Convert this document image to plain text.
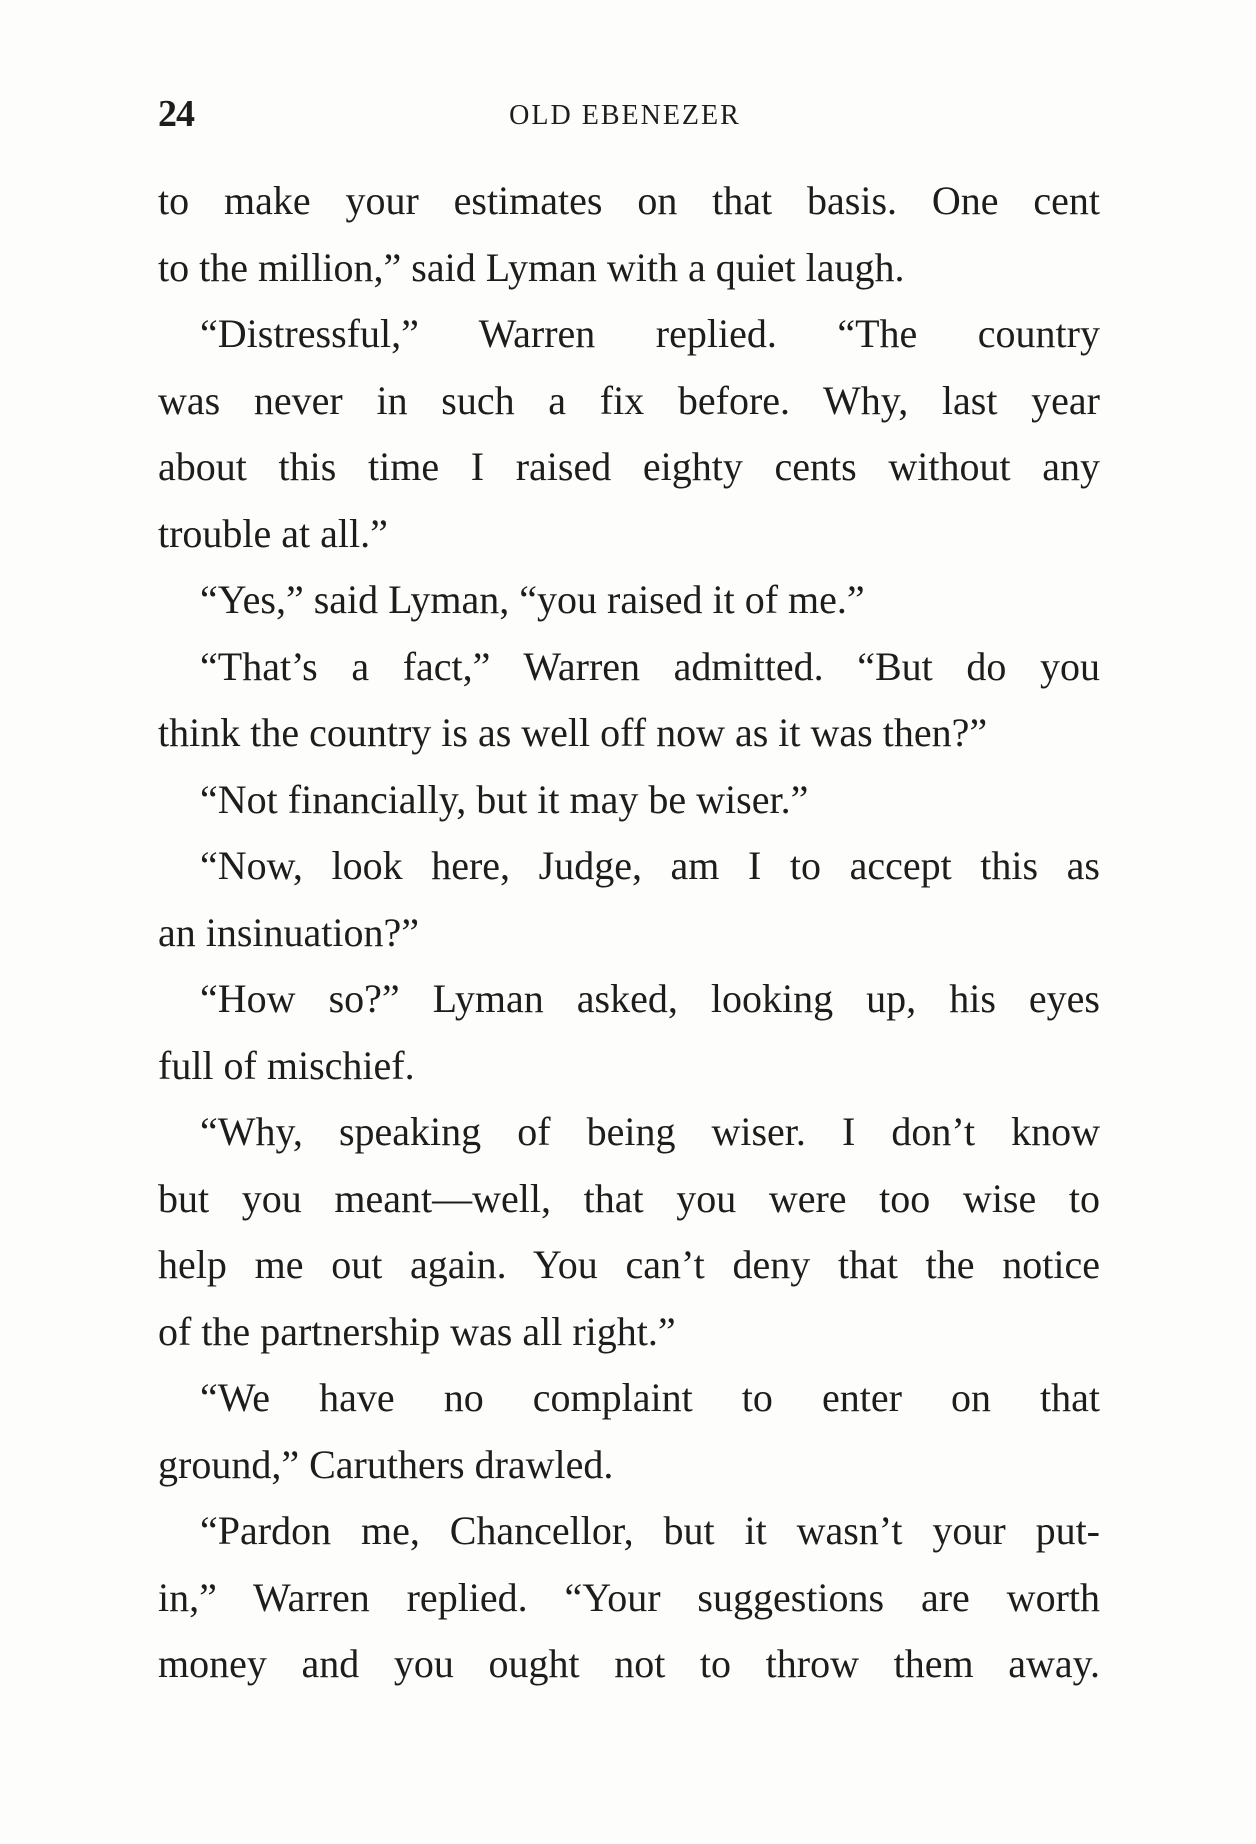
24	OLD EBENEZER
to make your estimates on that basis. One cent
to the million,” said Lyman with a quiet laugh.
“Distressful,” Warren replied. “The country
was never in such a fix before. Why, last year
about this time I raised eighty cents without any
trouble at all.”
“Yes,” said Lyman, “you raised it of me.”
“That’s a fact,” Warren admitted. “But do you
think the country is as well off now as it was then?”
“Not financially, but it may be wiser.”
“Now, look here, Judge, am I to accept this as
an insinuation?”
“How so?” Lyman asked, looking up, his eyes
full of mischief.
“Why, speaking of being wiser. I don’t know
but you meant—well, that you were too wise to
help me out again. You can’t deny that the notice
of the partnership was all right.”
“We have no complaint to enter on that
ground,” Caruthers drawled.
“Pardon me, Chancellor, but it wasn’t your put-
in,” Warren replied. “Your suggestions are worth
money and you ought not to throw them away.
